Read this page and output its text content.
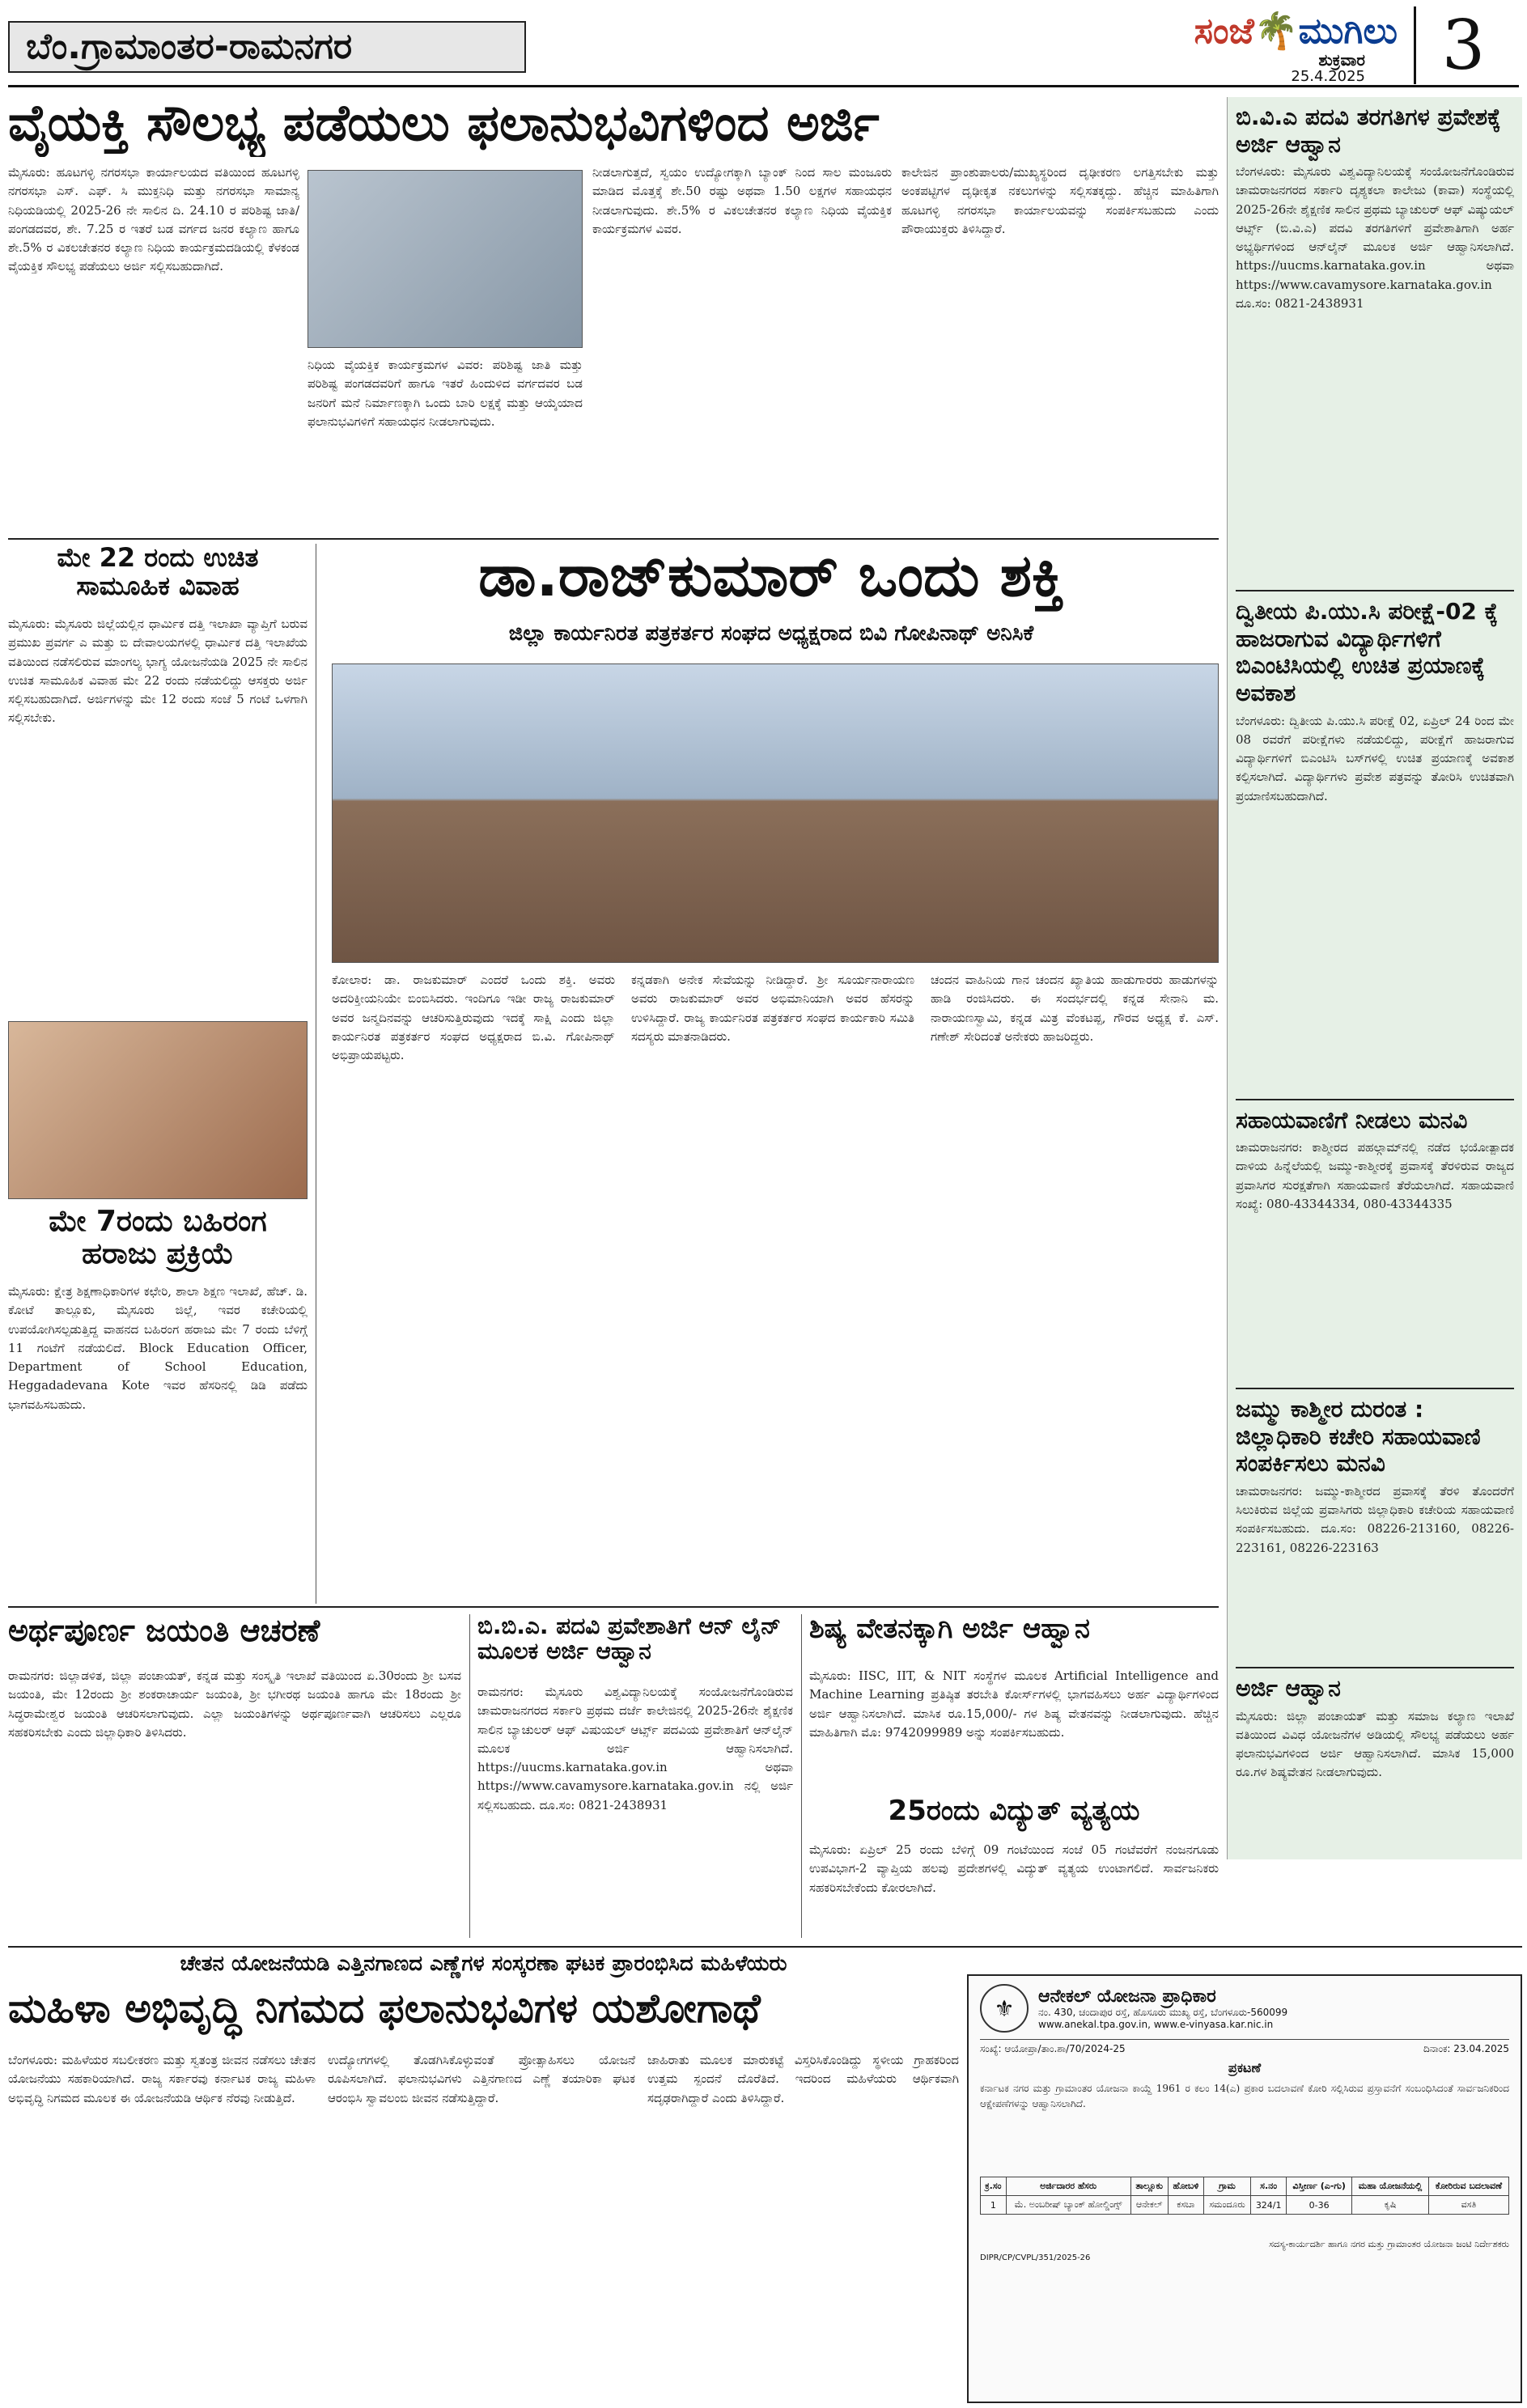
ಬೆಂ.ಗ್ರಾಮಾಂತರ-ರಾಮನಗರ	ಸಂಜೆ🌴ಮುಗಿಲು
ಶುಕ್ರವಾರ
25.4.2025	3
ವೈಯಕ್ತಿ ಸೌಲಭ್ಯ ಪಡೆಯಲು ಫಲಾನುಭವಿಗಳಿಂದ ಅರ್ಜಿ
ಮೈಸೂರು: ಹೂಟಗಳ್ಳಿ ನಗರಸಭಾ ಕಾರ್ಯಾಲಯದ ವತಿಯಿಂದ ಹೂಟಗಳ್ಳಿ ನಗರಸಭಾ ಎಸ್‌. ಎಫ್‌. ಸಿ ಮುಕ್ತನಿಧಿ ಮತ್ತು ನಗರಸಭಾ ಸಾಮಾನ್ಯ ನಿಧಿಯಡಿಯಲ್ಲಿ 2025-26 ನೇ ಸಾಲಿನ ದಿ. 24.10 ರ ಪರಿಶಿಷ್ಟ ಜಾತಿ/ಪಂಗಡದವರ, ಶೇ. 7.25 ರ ಇತರೆ ಬಡ ವರ್ಗದ ಜನರ ಕಲ್ಯಾಣ ಹಾಗೂ ಶೇ.5% ರ ವಿಕಲಚೇತನರ ಕಲ್ಯಾಣ ನಿಧಿಯ ಕಾರ್ಯಕ್ರಮದಡಿಯಲ್ಲಿ ಕೆಳಕಂಡ ವೈಯಕ್ತಿಕ ಸೌಲಭ್ಯ ಪಡೆಯಲು ಅರ್ಜಿ ಸಲ್ಲಿಸಬಹುದಾಗಿದೆ.
ನಿಧಿಯ ವೈಯಕ್ತಿಕ ಕಾರ್ಯಕ್ರಮಗಳ ವಿವರ: ಪರಿಶಿಷ್ಟ ಜಾತಿ ಮತ್ತು ಪರಿಶಿಷ್ಟ ಪಂಗಡದವರಿಗೆ ಹಾಗೂ ಇತರೆ ಹಿಂದುಳಿದ ವರ್ಗದವರ ಬಡ ಜನರಿಗೆ ಮನೆ ನಿರ್ಮಾಣಕ್ಕಾಗಿ ಒಂದು ಬಾರಿ ಲಕ್ಷಕ್ಕೆ ಮತ್ತು ಆಯ್ಕೆಯಾದ ಫಲಾನುಭವಿಗಳಿಗೆ ಸಹಾಯಧನ ನೀಡಲಾಗುವುದು.
ನೀಡಲಾಗುತ್ತದೆ, ಸ್ವಯಂ ಉದ್ಯೋಗಕ್ಕಾಗಿ ಬ್ಯಾಂಕ್ ನಿಂದ ಸಾಲ ಮಂಜೂರು ಮಾಡಿದ ಮೊತ್ತಕ್ಕೆ ಶೇ.50 ರಷ್ಟು ಅಥವಾ 1.50 ಲಕ್ಷಗಳ ಸಹಾಯಧನ ನೀಡಲಾಗುವುದು. ಶೇ.5% ರ ವಿಕಲಚೇತನರ ಕಲ್ಯಾಣ ನಿಧಿಯ ವೈಯಕ್ತಿಕ ಕಾರ್ಯಕ್ರಮಗಳ ವಿವರ.
ಕಾಲೇಜಿನ ಪ್ರಾಂಶುಪಾಲರು/ಮುಖ್ಯಸ್ಥರಿಂದ ದೃಢೀಕರಣ ಲಗತ್ತಿಸಬೇಕು ಮತ್ತು ಅಂಕಪಟ್ಟಿಗಳ ದೃಢೀಕೃತ ನಕಲುಗಳನ್ನು ಸಲ್ಲಿಸತಕ್ಕದ್ದು. ಹೆಚ್ಚಿನ ಮಾಹಿತಿಗಾಗಿ ಹೂಟಗಳ್ಳಿ ನಗರಸಭಾ ಕಾರ್ಯಾಲಯವನ್ನು ಸಂಪರ್ಕಿಸಬಹುದು ಎಂದು ಪೌರಾಯುಕ್ತರು ತಿಳಿಸಿದ್ದಾರೆ.
ಮೇ 22 ರಂದು ಉಚಿತ ಸಾಮೂಹಿಕ ವಿವಾಹ
ಮೈಸೂರು: ಮೈಸೂರು ಜಿಲ್ಲೆಯಲ್ಲಿನ ಧಾರ್ಮಿಕ ದತ್ತಿ ಇಲಾಖಾ ವ್ಯಾಪ್ತಿಗೆ ಬರುವ ಪ್ರಮುಖ ಪ್ರವರ್ಗ ಎ ಮತ್ತು ಬಿ ದೇವಾಲಯಗಳಲ್ಲಿ ಧಾರ್ಮಿಕ ದತ್ತಿ ಇಲಾಖೆಯ ವತಿಯಿಂದ ನಡೆಸಲಿರುವ ಮಾಂಗಲ್ಯ ಭಾಗ್ಯ ಯೋಜನೆಯಡಿ 2025 ನೇ ಸಾಲಿನ ಉಚಿತ ಸಾಮೂಹಿಕ ವಿವಾಹ ಮೇ 22 ರಂದು ನಡೆಯಲಿದ್ದು ಆಸಕ್ತರು ಅರ್ಜಿ ಸಲ್ಲಿಸಬಹುದಾಗಿದೆ. ಅರ್ಜಿಗಳನ್ನು ಮೇ 12 ರಂದು ಸಂಜೆ 5 ಗಂಟೆ ಒಳಗಾಗಿ ಸಲ್ಲಿಸಬೇಕು.
ಮೇ 7ರಂದು ಬಹಿರಂಗ ಹರಾಜು ಪ್ರಕ್ರಿಯೆ
ಮೈಸೂರು: ಕ್ಷೇತ್ರ ಶಿಕ್ಷಣಾಧಿಕಾರಿಗಳ ಕಛೇರಿ, ಶಾಲಾ ಶಿಕ್ಷಣ ಇಲಾಖೆ, ಹೆಚ್. ಡಿ. ಕೋಟೆ ತಾಲ್ಲೂಕು, ಮೈಸೂರು ಜಿಲ್ಲೆ, ಇವರ ಕಚೇರಿಯಲ್ಲಿ ಉಪಯೋಗಿಸಲ್ಪಡುತ್ತಿದ್ದ ವಾಹನದ ಬಹಿರಂಗ ಹರಾಜು ಮೇ 7 ರಂದು ಬೆಳಿಗ್ಗೆ 11 ಗಂಟೆಗೆ ನಡೆಯಲಿದೆ. Block Education Officer, Department of School Education, Heggadadevana Kote ಇವರ ಹೆಸರಿನಲ್ಲಿ ಡಿಡಿ ಪಡೆದು ಭಾಗವಹಿಸಬಹುದು.
ಡಾ.ರಾಜ್‌ಕುಮಾರ್ ಒಂದು ಶಕ್ತಿ
ಜಿಲ್ಲಾ ಕಾರ್ಯನಿರತ ಪತ್ರಕರ್ತರ ಸಂಘದ ಅಧ್ಯಕ್ಷರಾದ ಬಿವಿ ಗೋಪಿನಾಥ್ ಅನಿಸಿಕೆ
ಕೋಲಾರ: ಡಾ. ರಾಜಕುಮಾರ್ ಎಂದರೆ ಒಂದು ಶಕ್ತಿ. ಅವರು ಅದರಿಕ್ತೀಯನಿಯೇ ಬಿಂಬಿಸಿದರು. ಇಂದಿಗೂ ಇಡೀ ರಾಜ್ಯ ರಾಜಕುಮಾರ್ ಅವರ ಜನ್ಮದಿನವನ್ನು ಆಚರಿಸುತ್ತಿರುವುದು ಇದಕ್ಕೆ ಸಾಕ್ಷಿ ಎಂದು ಜಿಲ್ಲಾ ಕಾರ್ಯನಿರತ ಪತ್ರಕರ್ತರ ಸಂಘದ ಅಧ್ಯಕ್ಷರಾದ ಬಿ.ವಿ. ಗೋಪಿನಾಥ್ ಅಭಿಪ್ರಾಯಪಟ್ಟರು.
ಕನ್ನಡಕಾಗಿ ಅನೇಕ ಸೇವೆಯನ್ನು ನೀಡಿದ್ದಾರೆ. ಶ್ರೀ ಸೂರ್ಯನಾರಾಯಣ ಅವರು ರಾಜಕುಮಾರ್ ಅವರ ಅಭಿಮಾನಿಯಾಗಿ ಅವರ ಹೆಸರನ್ನು ಉಳಿಸಿದ್ದಾರೆ. ರಾಜ್ಯ ಕಾರ್ಯನಿರತ ಪತ್ರಕರ್ತರ ಸಂಘದ ಕಾರ್ಯಕಾರಿ ಸಮಿತಿ ಸದಸ್ಯರು ಮಾತನಾಡಿದರು.
ಚಂದನ ವಾಹಿನಿಯ ಗಾನ ಚಂದನ ಖ್ಯಾತಿಯ ಹಾಡುಗಾರರು ಹಾಡುಗಳನ್ನು ಹಾಡಿ ರಂಜಿಸಿದರು. ಈ ಸಂದರ್ಭದಲ್ಲಿ ಕನ್ನಡ ಸೇನಾನಿ ಮ. ನಾರಾಯಣಸ್ವಾಮಿ, ಕನ್ನಡ ಮಿತ್ರ ವೆಂಕಟಪ್ಪ, ಗೌರವ ಅಧ್ಯಕ್ಷ ಕೆ. ಎಸ್. ಗಣೇಶ್ ಸೇರಿದಂತೆ ಅನೇಕರು ಹಾಜರಿದ್ದರು.
ಅರ್ಥಪೂರ್ಣ ಜಯಂತಿ ಆಚರಣೆ
ರಾಮನಗರ: ಜಿಲ್ಲಾಡಳಿತ, ಜಿಲ್ಲಾ ಪಂಚಾಯತ್, ಕನ್ನಡ ಮತ್ತು ಸಂಸ್ಕೃತಿ ಇಲಾಖೆ ವತಿಯಿಂದ ಏ.30ರಂದು ಶ್ರೀ ಬಸವ ಜಯಂತಿ, ಮೇ 12ರಂದು ಶ್ರೀ ಶಂಕರಾಚಾರ್ಯ ಜಯಂತಿ, ಶ್ರೀ ಭಗೀರಥ ಜಯಂತಿ ಹಾಗೂ ಮೇ 18ರಂದು ಶ್ರೀ ಸಿದ್ಧರಾಮೇಶ್ವರ ಜಯಂತಿ ಆಚರಿಸಲಾಗುವುದು. ಎಲ್ಲಾ ಜಯಂತಿಗಳನ್ನು ಅರ್ಥಪೂರ್ಣವಾಗಿ ಆಚರಿಸಲು ಎಲ್ಲರೂ ಸಹಕರಿಸಬೇಕು ಎಂದು ಜಿಲ್ಲಾಧಿಕಾರಿ ತಿಳಿಸಿದರು.
ಬಿ.ಬಿ.ಎ. ಪದವಿ ಪ್ರವೇಶಾತಿಗೆ ಆನ್ ಲೈನ್ ಮೂಲಕ ಅರ್ಜಿ ಆಹ್ವಾನ
ರಾಮನಗರ: ಮೈಸೂರು ವಿಶ್ವವಿದ್ಯಾನಿಲಯಕ್ಕೆ ಸಂಯೋಜನೆಗೊಂಡಿರುವ ಚಾಮರಾಜನಗರದ ಸರ್ಕಾರಿ ಪ್ರಥಮ ದರ್ಜೆ ಕಾಲೇಜಿನಲ್ಲಿ 2025-26ನೇ ಶೈಕ್ಷಣಿಕ ಸಾಲಿನ ಬ್ಯಾಚುಲರ್ ಆಫ್ ವಿಷುಯಲ್ ಆರ್ಟ್ಸ್ ಪದವಿಯ ಪ್ರವೇಶಾತಿಗೆ ಆನ್‌ಲೈನ್ ಮೂಲಕ ಅರ್ಜಿ ಆಹ್ವಾನಿಸಲಾಗಿದೆ. https://uucms.karnataka.gov.in ಅಥವಾ https://www.cavamysore.karnataka.gov.in ನಲ್ಲಿ ಅರ್ಜಿ ಸಲ್ಲಿಸಬಹುದು. ದೂ.ಸಂ: 0821-2438931
ಶಿಷ್ಯ ವೇತನಕ್ಕಾಗಿ ಅರ್ಜಿ ಆಹ್ವಾನ
ಮೈಸೂರು: IISC, IIT, & NIT ಸಂಸ್ಥೆಗಳ ಮೂಲಕ Artificial Intelligence and Machine Learning ಪ್ರತಿಷ್ಠಿತ ತರಬೇತಿ ಕೋರ್ಸ್‌ಗಳಲ್ಲಿ ಭಾಗವಹಿಸಲು ಅರ್ಹ ವಿದ್ಯಾರ್ಥಿಗಳಿಂದ ಅರ್ಜಿ ಆಹ್ವಾನಿಸಲಾಗಿದೆ. ಮಾಸಿಕ ರೂ.15,000/- ಗಳ ಶಿಷ್ಯ ವೇತನವನ್ನು ನೀಡಲಾಗುವುದು. ಹೆಚ್ಚಿನ ಮಾಹಿತಿಗಾಗಿ ಮೊ: 9742099989 ಅನ್ನು ಸಂಪರ್ಕಿಸಬಹುದು.
25ರಂದು ವಿದ್ಯುತ್ ವ್ಯತ್ಯಯ
ಮೈಸೂರು: ಏಪ್ರಿಲ್ 25 ರಂದು ಬೆಳಿಗ್ಗೆ 09 ಗಂಟೆಯಿಂದ ಸಂಜೆ 05 ಗಂಟೆವರೆಗೆ ನಂಜನಗೂಡು ಉಪವಿಭಾಗ-2 ವ್ಯಾಪ್ತಿಯ ಹಲವು ಪ್ರದೇಶಗಳಲ್ಲಿ ವಿದ್ಯುತ್ ವ್ಯತ್ಯಯ ಉಂಟಾಗಲಿದೆ. ಸಾರ್ವಜನಿಕರು ಸಹಕರಿಸಬೇಕೆಂದು ಕೋರಲಾಗಿದೆ.
ಚೇತನ ಯೋಜನೆಯಡಿ ಎತ್ತಿನಗಾಣದ ಎಣ್ಣೆಗಳ ಸಂಸ್ಕರಣಾ ಘಟಕ ಪ್ರಾರಂಭಿಸಿದ ಮಹಿಳೆಯರು
ಮಹಿಳಾ ಅಭಿವೃದ್ಧಿ ನಿಗಮದ ಫಲಾನುಭವಿಗಳ ಯಶೋಗಾಥೆ
ಬೆಂಗಳೂರು: ಮಹಿಳೆಯರ ಸಬಲೀಕರಣ ಮತ್ತು ಸ್ವತಂತ್ರ ಜೀವನ ನಡೆಸಲು ಚೇತನ ಯೋಜನೆಯು ಸಹಕಾರಿಯಾಗಿದೆ. ರಾಜ್ಯ ಸರ್ಕಾರವು ಕರ್ನಾಟಕ ರಾಜ್ಯ ಮಹಿಳಾ ಅಭಿವೃದ್ಧಿ ನಿಗಮದ ಮೂಲಕ ಈ ಯೋಜನೆಯಡಿ ಆರ್ಥಿಕ ನೆರವು ನೀಡುತ್ತಿದೆ.
ಉದ್ಯೋಗಗಳಲ್ಲಿ ತೊಡಗಿಸಿಕೊಳ್ಳುವಂತೆ ಪ್ರೋತ್ಸಾಹಿಸಲು ಯೋಜನೆ ರೂಪಿಸಲಾಗಿದೆ. ಫಲಾನುಭವಿಗಳು ಎತ್ತಿನಗಾಣದ ಎಣ್ಣೆ ತಯಾರಿಕಾ ಘಟಕ ಆರಂಭಿಸಿ ಸ್ವಾವಲಂಬಿ ಜೀವನ ನಡೆಸುತ್ತಿದ್ದಾರೆ.
ಜಾಹಿರಾತು ಮೂಲಕ ಮಾರುಕಟ್ಟೆ ವಿಸ್ತರಿಸಿಕೊಂಡಿದ್ದು ಸ್ಥಳೀಯ ಗ್ರಾಹಕರಿಂದ ಉತ್ತಮ ಸ್ಪಂದನೆ ದೊರೆತಿದೆ. ಇದರಿಂದ ಮಹಿಳೆಯರು ಆರ್ಥಿಕವಾಗಿ ಸದೃಢರಾಗಿದ್ದಾರೆ ಎಂದು ತಿಳಿಸಿದ್ದಾರೆ.
ಬಿ.ವಿ.ಎ ಪದವಿ ತರಗತಿಗಳ ಪ್ರವೇಶಕ್ಕೆ ಅರ್ಜಿ ಆಹ್ವಾನ
ಬೆಂಗಳೂರು: ಮೈಸೂರು ವಿಶ್ವವಿದ್ಯಾನಿಲಯಕ್ಕೆ ಸಂಯೋಜನೆಗೊಂಡಿರುವ ಚಾಮರಾಜನಗರದ ಸರ್ಕಾರಿ ದೃಶ್ಯಕಲಾ ಕಾಲೇಜು (ಕಾವಾ) ಸಂಸ್ಥೆಯಲ್ಲಿ 2025-26ನೇ ಶೈಕ್ಷಣಿಕ ಸಾಲಿನ ಪ್ರಥಮ ಬ್ಯಾಚುಲರ್ ಆಫ್ ವಿಷ್ಯುಯಲ್ ಆರ್ಟ್ಸ್ (ಬಿ.ವಿ.ಎ) ಪದವಿ ತರಗತಿಗಳಿಗೆ ಪ್ರವೇಶಾತಿಗಾಗಿ ಅರ್ಹ ಅಭ್ಯರ್ಥಿಗಳಿಂದ ಆನ್‌ಲೈನ್ ಮೂಲಕ ಅರ್ಜಿ ಆಹ್ವಾನಿಸಲಾಗಿದೆ. https://uucms.karnataka.gov.in ಅಥವಾ https://www.cavamysore.karnataka.gov.in ದೂ.ಸಂ: 0821-2438931
ದ್ವಿತೀಯ ಪಿ.ಯು.ಸಿ ಪರೀಕ್ಷೆ-02 ಕ್ಕೆ ಹಾಜರಾಗುವ ವಿದ್ಯಾರ್ಥಿಗಳಿಗೆ ಬಿಎಂಟಿಸಿಯಲ್ಲಿ ಉಚಿತ ಪ್ರಯಾಣಕ್ಕೆ ಅವಕಾಶ
ಬೆಂಗಳೂರು: ದ್ವಿತೀಯ ಪಿ.ಯು.ಸಿ ಪರೀಕ್ಷೆ 02, ಏಪ್ರಿಲ್ 24 ರಿಂದ ಮೇ 08 ರವರೆಗೆ ಪರೀಕ್ಷೆಗಳು ನಡೆಯಲಿದ್ದು, ಪರೀಕ್ಷೆಗೆ ಹಾಜರಾಗುವ ವಿದ್ಯಾರ್ಥಿಗಳಿಗೆ ಬಿಎಂಟಿಸಿ ಬಸ್‌ಗಳಲ್ಲಿ ಉಚಿತ ಪ್ರಯಾಣಕ್ಕೆ ಅವಕಾಶ ಕಲ್ಪಿಸಲಾಗಿದೆ. ವಿದ್ಯಾರ್ಥಿಗಳು ಪ್ರವೇಶ ಪತ್ರವನ್ನು ತೋರಿಸಿ ಉಚಿತವಾಗಿ ಪ್ರಯಾಣಿಸಬಹುದಾಗಿದೆ.
ಸಹಾಯವಾಣಿಗೆ ನೀಡಲು ಮನವಿ
ಚಾಮರಾಜನಗರ: ಕಾಶ್ಮೀರದ ಪಹಲ್ಗಾಮ್‌ನಲ್ಲಿ ನಡೆದ ಭಯೋತ್ಪಾದಕ ದಾಳಿಯ ಹಿನ್ನೆಲೆಯಲ್ಲಿ ಜಮ್ಮು-ಕಾಶ್ಮೀರಕ್ಕೆ ಪ್ರವಾಸಕ್ಕೆ ತೆರಳಿರುವ ರಾಜ್ಯದ ಪ್ರವಾಸಿಗರ ಸುರಕ್ಷತೆಗಾಗಿ ಸಹಾಯವಾಣಿ ತೆರೆಯಲಾಗಿದೆ. ಸಹಾಯವಾಣಿ ಸಂಖ್ಯೆ: 080-43344334, 080-43344335
ಜಮ್ಮು ಕಾಶ್ಮೀರ ದುರಂತ : ಜಿಲ್ಲಾಧಿಕಾರಿ ಕಚೇರಿ ಸಹಾಯವಾಣಿ ಸಂಪರ್ಕಿಸಲು ಮನವಿ
ಚಾಮರಾಜನಗರ: ಜಮ್ಮು-ಕಾಶ್ಮೀರದ ಪ್ರವಾಸಕ್ಕೆ ತೆರಳಿ ತೊಂದರೆಗೆ ಸಿಲುಕಿರುವ ಜಿಲ್ಲೆಯ ಪ್ರವಾಸಿಗರು ಜಿಲ್ಲಾಧಿಕಾರಿ ಕಚೇರಿಯ ಸಹಾಯವಾಣಿ ಸಂಪರ್ಕಿಸಬಹುದು. ದೂ.ಸಂ: 08226-213160, 08226-223161, 08226-223163
ಅರ್ಜಿ ಆಹ್ವಾನ
ಮೈಸೂರು: ಜಿಲ್ಲಾ ಪಂಚಾಯತ್ ಮತ್ತು ಸಮಾಜ ಕಲ್ಯಾಣ ಇಲಾಖೆ ವತಿಯಿಂದ ವಿವಿಧ ಯೋಜನೆಗಳ ಅಡಿಯಲ್ಲಿ ಸೌಲಭ್ಯ ಪಡೆಯಲು ಅರ್ಹ ಫಲಾನುಭವಿಗಳಿಂದ ಅರ್ಜಿ ಆಹ್ವಾನಿಸಲಾಗಿದೆ. ಮಾಸಿಕ 15,000 ರೂ.ಗಳ ಶಿಷ್ಯವೇತನ ನೀಡಲಾಗುವುದು.
⚜	ಆನೇಕಲ್ ಯೋಜನಾ ಪ್ರಾಧಿಕಾರ
ನಂ. 430, ಚಂದಾಪುರ ರಸ್ತೆ, ಹೊಸೂರು ಮುಖ್ಯ ರಸ್ತೆ, ಬೆಂಗಳೂರು-560099
www.anekal.tpa.gov.in, www.e-vinyasa.kar.nic.in
ಸಂಖ್ಯೆ: ಆಯೋಪ್ರಾ/ತಾಂ.ಶಾ/70/2024-25	ದಿನಾಂಕ: 23.04.2025
ಪ್ರಕಟಣೆ
ಕರ್ನಾಟಕ ನಗರ ಮತ್ತು ಗ್ರಾಮಾಂತರ ಯೋಜನಾ ಕಾಯ್ದೆ 1961 ರ ಕಲಂ 14(ಎ) ಪ್ರಕಾರ ಬದಲಾವಣೆ ಕೋರಿ ಸಲ್ಲಿಸಿರುವ ಪ್ರಸ್ತಾವನೆಗೆ ಸಂಬಂಧಿಸಿದಂತೆ ಸಾರ್ವಜನಿಕರಿಂದ ಆಕ್ಷೇಪಣೆಗಳನ್ನು ಆಹ್ವಾನಿಸಲಾಗಿದೆ.
ಕ್ರ.ಸಂ	ಅರ್ಜಿದಾರರ ಹೆಸರು	ತಾಲ್ಲೂಕು	ಹೋಬಳಿ	ಗ್ರಾಮ	ಸ.ನಂ	ವಿಸ್ತೀರ್ಣ (ಎ-ಗು)	ಮಹಾ ಯೋಜನೆಯಲ್ಲಿ	ಕೋರಿರುವ ಬದಲಾವಣೆ
1	ಮೆ. ಅಂಬರೀಷ್ ಬ್ಯಾಂಕ್ ಹೋಲ್ಡಿಂಗ್ಸ್	ಆನೇಕಲ್	ಕಸಬಾ	ಸಮಂದೂರು	324/1	0-36	ಕೃಷಿ	ವಸತಿ
ಸದಸ್ಯ-ಕಾರ್ಯದರ್ಶಿ ಹಾಗೂ ನಗರ ಮತ್ತು ಗ್ರಾಮಾಂತರ ಯೋಜನಾ ಜಂಟಿ ನಿರ್ದೇಶಕರು
DIPR/CP/CVPL/351/2025-26
